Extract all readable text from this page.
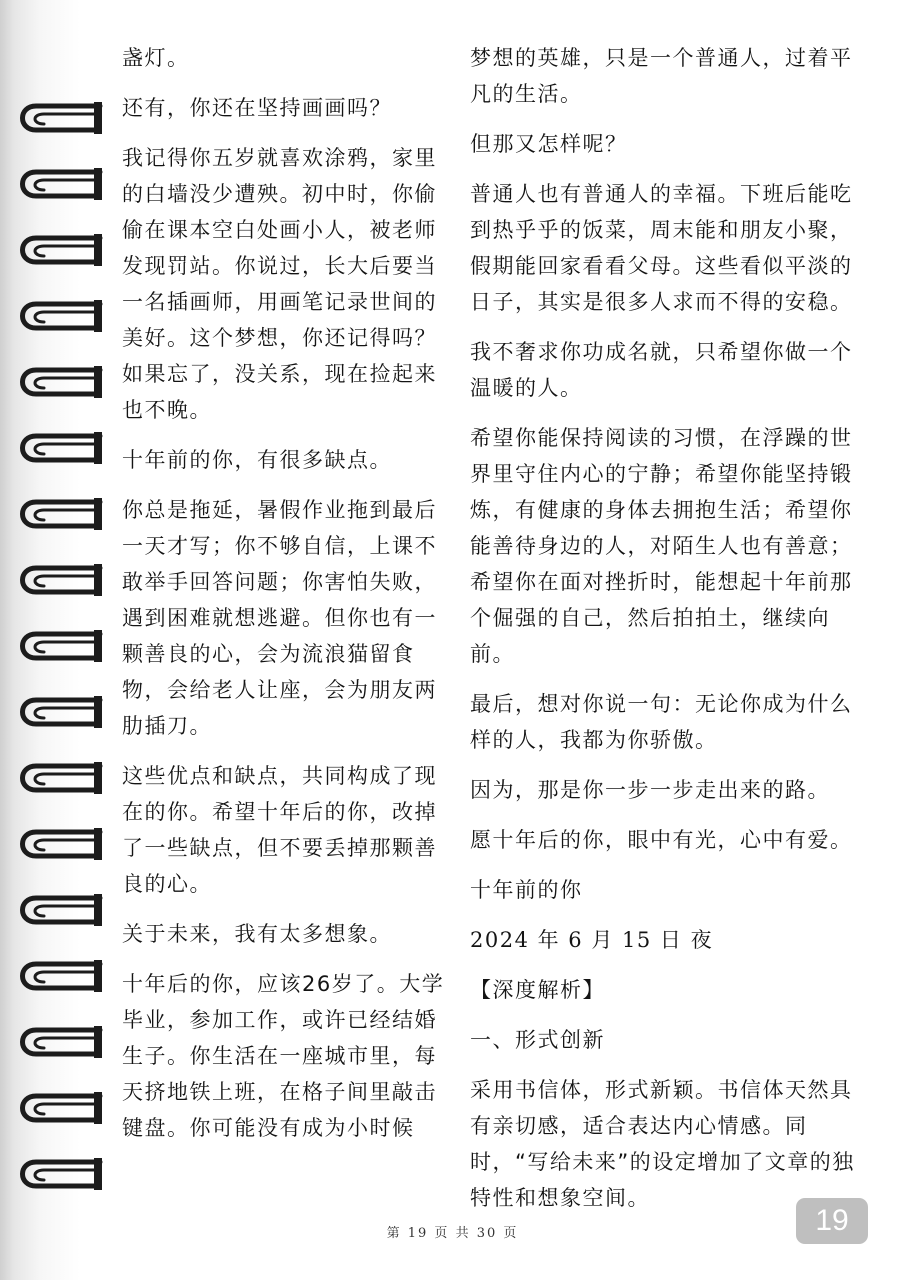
盏灯。

还有，你还在坚持画画吗？

我记得你五岁就喜欢涂鸦，家里的白墙没少遭殃。初中时，你偷偷在课本空白处画小人，被老师发现罚站。你说过，长大后要当一名插画师，用画笔记录世间的美好。这个梦想，你还记得吗？如果忘了，没关系，现在捡起来也不晚。

十年前的你，有很多缺点。

你总是拖延，暑假作业拖到最后一天才写；你不够自信，上课不敢举手回答问题；你害怕失败，遇到困难就想逃避。但你也有一颗善良的心，会为流浪猫留食物，会给老人让座，会为朋友两肋插刀。

这些优点和缺点，共同构成了现在的你。希望十年后的你，改掉了一些缺点，但不要丢掉那颗善良的心。

关于未来，我有太多想象。

十年后的你，应该26岁了。大学毕业，参加工作，或许已经结婚生子。你生活在一座城市里，每天挤地铁上班，在格子间里敲击键盘。你可能没有成为小时候

梦想的英雄，只是一个普通人，过着平凡的生活。

但那又怎样呢？

普通人也有普通人的幸福。下班后能吃到热乎乎的饭菜，周末能和朋友小聚，假期能回家看看父母。这些看似平淡的日子，其实是很多人求而不得的安稳。

我不奢求你功成名就，只希望你做一个温暖的人。

希望你能保持阅读的习惯，在浮躁的世界里守住内心的宁静；希望你能坚持锻炼，有健康的身体去拥抱生活；希望你能善待身边的人，对陌生人也有善意；希望你在面对挫折时，能想起十年前那个倔强的自己，然后拍拍土，继续向前。

最后，想对你说一句：无论你成为什么样的人，我都为你骄傲。

因为，那是你一步一步走出来的路。

愿十年后的你，眼中有光，心中有爱。

十年前的你

2024 年 6 月 15 日 夜

【深度解析】

一、形式创新

采用书信体，形式新颖。书信体天然具有亲切感，适合表达内心情感。同时，“写给未来”的设定增加了文章的独特性和想象空间。

第 19 页 共 30 页	19
